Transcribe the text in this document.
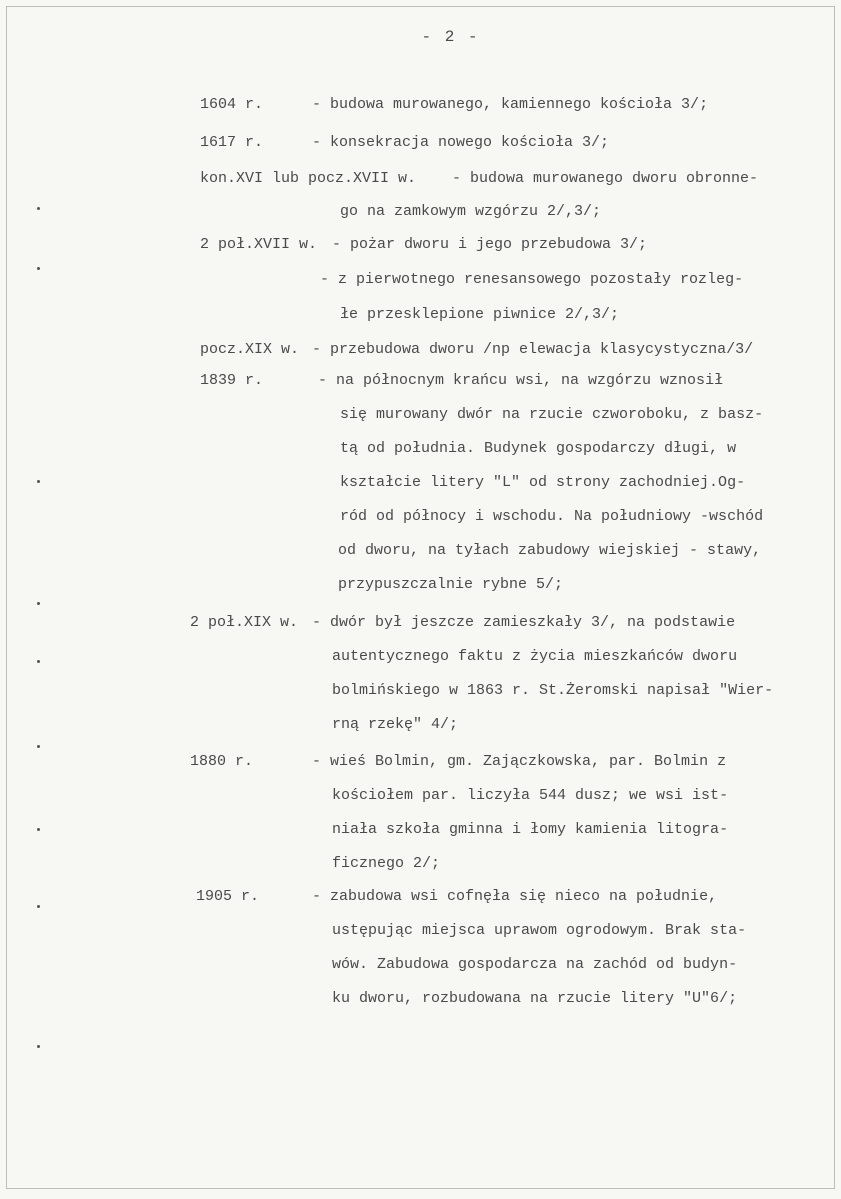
- 2 -
1604 r.	- budowa murowanego, kamiennego kościoła 3/;
1617 r.	- konsekracja nowego kościoła 3/;
kon.XVI lub pocz.XVII w. - budowa murowanego dworu obronne-
go na zamkowym wzgórzu 2/,3/;
2 poł.XVII w. - pożar dworu i jego przebudowa 3/;
- z pierwotnego renesansowego pozostały rozleg-
łe przesklepione piwnice 2/,3/;
pocz.XIX w. - przebudowa dworu /np elewacja klasycystyczna/3/
1839 r.	- na północnym krańcu wsi, na wzgórzu wznosił
się murowany dwór na rzucie czworoboku, z basz-
tą od południa. Budynek gospodarczy długi, w
kształcie litery "L" od strony zachodniej.Og-
ród od północy i wschodu. Na południowy -wschód
od dworu, na tyłach zabudowy wiejskiej - stawy,
przypuszczalnie rybne 5/;
2 poł.XIX w. - dwór był jeszcze zamieszkały 3/, na podstawie
autentycznego faktu z życia mieszkańców dworu
bolmińskiego w 1863 r. St.Żeromski napisał "Wier-
rną rzekę" 4/;
1880 r.	- wieś Bolmin, gm. Zajączkowska, par. Bolmin z
kościołem par. liczyła 544 dusz; we wsi ist-
niała szkoła gminna i łomy kamienia litogra-
ficznego 2/;
1905 r.	- zabudowa wsi cofnęła się nieco na południe,
ustępując miejsca uprawom ogrodowym. Brak sta-
wów. Zabudowa gospodarcza na zachód od budyn-
ku dworu, rozbudowana na rzucie litery "U"6/;
